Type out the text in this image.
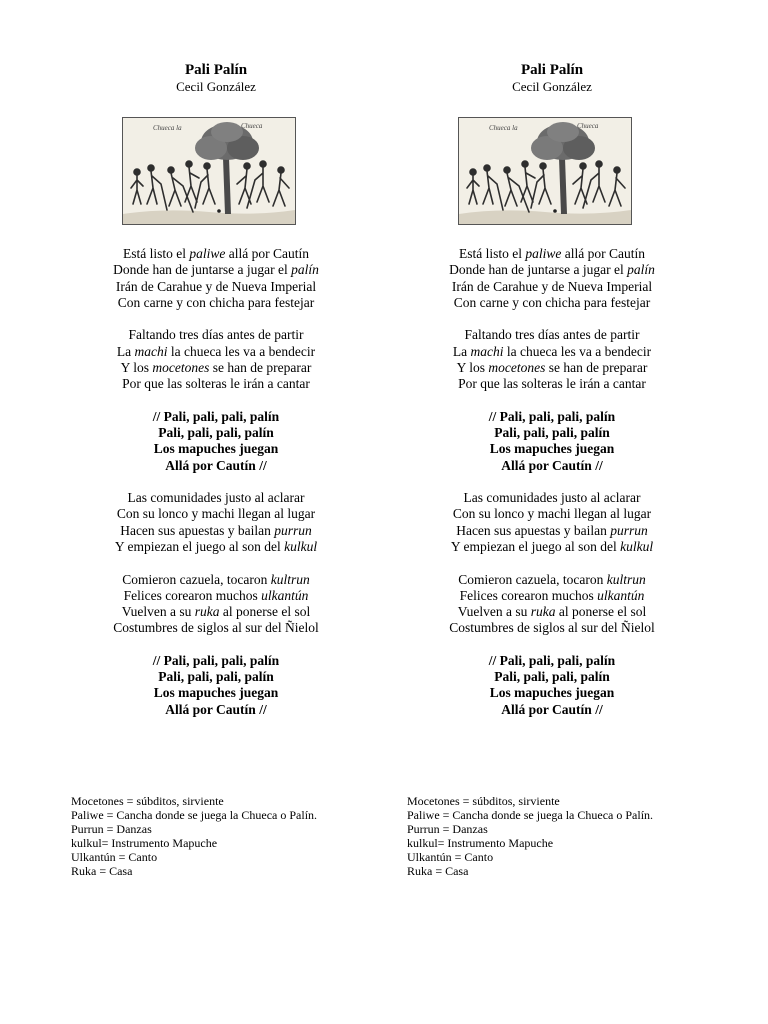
Pali Palín
Cecil González
Chueca la	Chueca
Está listo el paliwe allá por Cautín
Donde han de juntarse a jugar el palín
Irán de Carahue y de Nueva Imperial
Con carne y con chicha para festejar
Faltando tres días antes de partir
La machi la chueca les va a bendecir
Y los mocetones se han de preparar
Por que las solteras le irán a cantar
// Pali, pali, pali, palín
Pali, pali, pali, palín
Los mapuches juegan
Allá por Cautín //
Las comunidades justo al aclarar
Con su lonco y machi llegan al lugar
Hacen sus apuestas y bailan purrun
Y empiezan el juego al son del kulkul
Comieron cazuela, tocaron kultrun
Felices corearon muchos ulkantún
Vuelven a su ruka al ponerse el sol
Costumbres de siglos al sur del Ñielol
// Pali, pali, pali, palín
Pali, pali, pali, palín
Los mapuches juegan
Allá por Cautín //
Mocetones = súbditos, sirviente
Paliwe = Cancha donde se juega la Chueca o Palín.
Purrun = Danzas
kulkul= Instrumento Mapuche
Ulkantún = Canto
Ruka = Casa
Pali Palín
Cecil González
Chueca la	Chueca
Está listo el paliwe allá por Cautín
Donde han de juntarse a jugar el palín
Irán de Carahue y de Nueva Imperial
Con carne y con chicha para festejar
Faltando tres días antes de partir
La machi la chueca les va a bendecir
Y los mocetones se han de preparar
Por que las solteras le irán a cantar
// Pali, pali, pali, palín
Pali, pali, pali, palín
Los mapuches juegan
Allá por Cautín //
Las comunidades justo al aclarar
Con su lonco y machi llegan al lugar
Hacen sus apuestas y bailan purrun
Y empiezan el juego al son del kulkul
Comieron cazuela, tocaron kultrun
Felices corearon muchos ulkantún
Vuelven a su ruka al ponerse el sol
Costumbres de siglos al sur del Ñielol
// Pali, pali, pali, palín
Pali, pali, pali, palín
Los mapuches juegan
Allá por Cautín //
Mocetones = súbditos, sirviente
Paliwe = Cancha donde se juega la Chueca o Palín.
Purrun = Danzas
kulkul= Instrumento Mapuche
Ulkantún = Canto
Ruka = Casa
